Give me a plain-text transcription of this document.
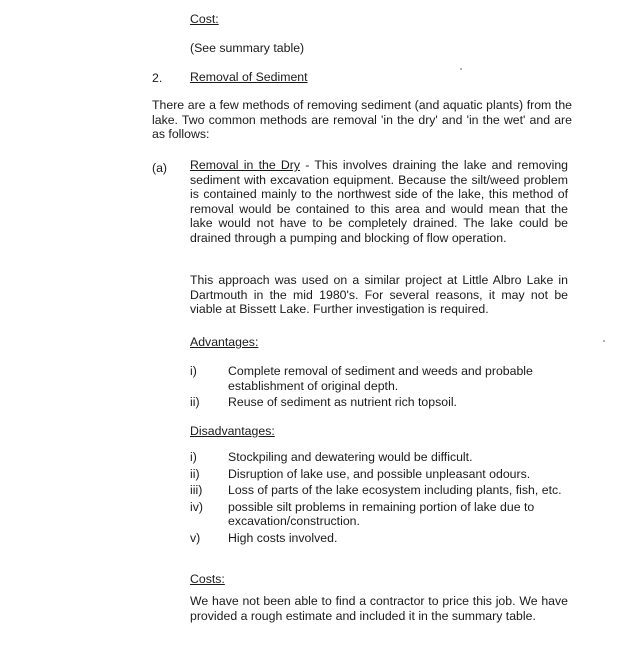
Cost:
(See summary table)
2. Removal of Sediment

There are a few methods of removing sediment (and aquatic plants) from the lake. Two common methods are removal 'in the dry' and 'in the wet' and are as follows:

(a) Removal in the Dry - This involves draining the lake and removing sediment with excavation equipment. Because the silt/weed problem is contained mainly to the northwest side of the lake, this method of removal would be contained to this area and would mean that the lake would not have to be completely drained. The lake could be drained through a pumping and blocking of flow operation.

This approach was used on a similar project at Little Albro Lake in Dartmouth in the mid 1980's. For several reasons, it may not be viable at Bissett Lake. Further investigation is required.

Advantages:
i)	Complete removal of sediment and weeds and probable establishment of original depth.
ii) Reuse of sediment as nutrient rich topsoil.
Disadvantages:
i)	Stockpiling and dewatering would be difficult.
ii) Disruption of lake use, and possible unpleasant odours.
iii) Loss of parts of the lake ecosystem including plants, fish, etc.
iv) possible silt problems in remaining portion of lake due to excavation/construction.
v) High costs involved.
Costs:

We have not been able to find a contractor to price this job. We have provided a rough estimate and included it in the summary table.
